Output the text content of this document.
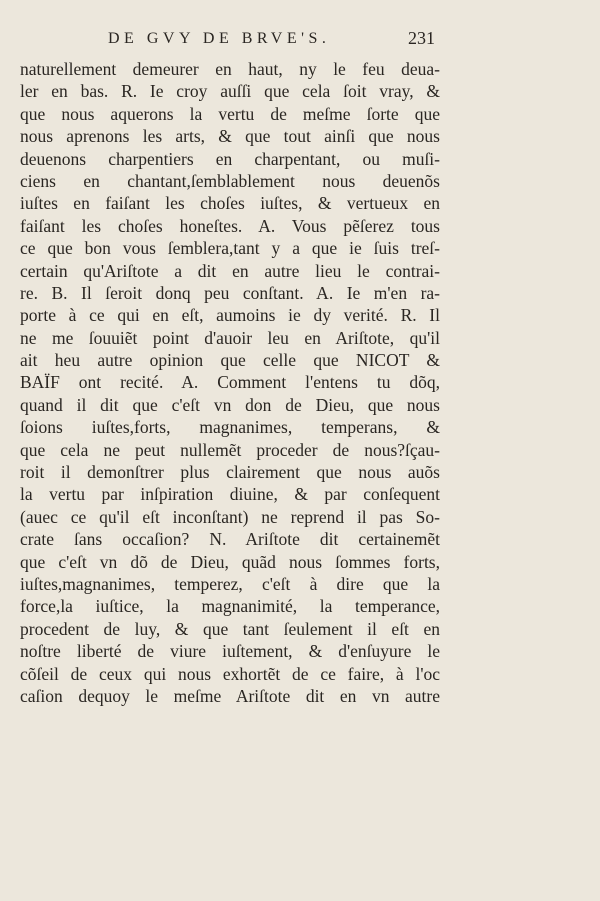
DE GVY DE BRVE'S.	231
naturellement demeurer en haut, ny le feu deua-
ler en bas. R. Ie croy auſſi que cela ſoit vray, &
que nous aquerons la vertu de meſme ſorte que
nous aprenons les arts, & que tout ainſi que nous
deuenons charpentiers en charpentant, ou muſi-
ciens en chantant,ſemblablement nous deuenõs
iuſtes en faiſant les choſes iuſtes, & vertueux en
faiſant les choſes honeſtes. A. Vous pẽſerez tous
ce que bon vous ſemblera,tant y a que ie ſuis treſ-
certain qu'Ariſtote a dit en autre lieu le contrai-
re. B. Il ſeroit donq peu conſtant. A. Ie m'en ra-
porte à ce qui en eſt, aumoins ie dy verité. R. Il
ne me ſouuiẽt point d'auoir leu en Ariſtote, qu'il
ait heu autre opinion que celle que NICOT &
BAÏF ont recité. A. Comment l'entens tu dõq,
quand il dit que c'eſt vn don de Dieu, que nous
ſoions iuſtes,forts, magnanimes, temperans, &
que cela ne peut nullemẽt proceder de nous?ſçau-
roit il demonſtrer plus clairement que nous auõs
la vertu par inſpiration diuine, & par conſequent
(auec ce qu'il eſt inconſtant) ne reprend il pas So-
crate ſans occaſion? N. Ariſtote dit certainemẽt
que c'eſt vn dõ de Dieu, quãd nous ſommes forts,
iuſtes,magnanimes, temperez, c'eſt à dire que la
force,la iuſtice, la magnanimité, la temperance,
procedent de luy, & que tant ſeulement il eſt en
noſtre liberté de viure iuſtement, & d'enſuyure le
cõſeil de ceux qui nous exhortẽt de ce faire, à l'oc
caſion dequoy le meſme Ariſtote dit en vn autre
